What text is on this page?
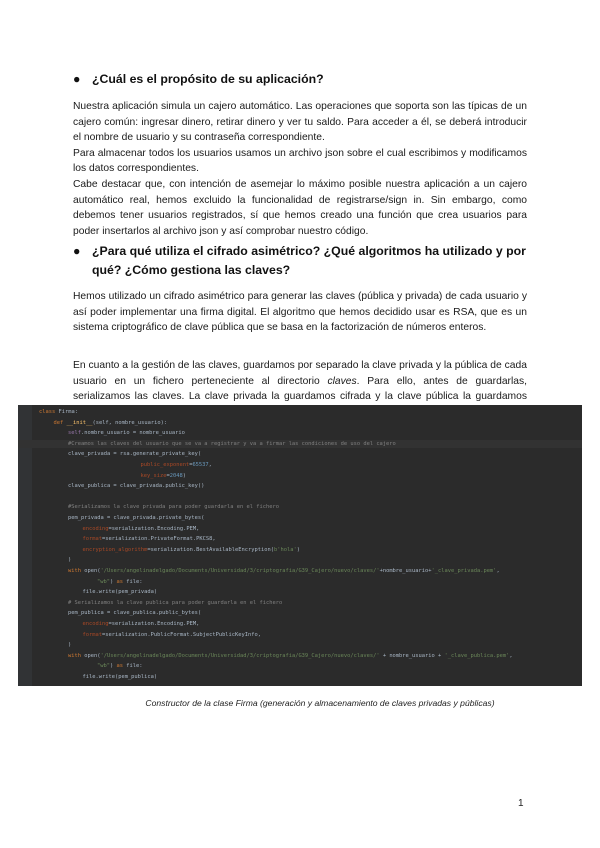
● ¿Cuál es el propósito de su aplicación?

Nuestra aplicación simula un cajero automático. Las operaciones que soporta son las típicas de un cajero común: ingresar dinero, retirar dinero y ver tu saldo. Para acceder a él, se deberá introducir el nombre de usuario y su contraseña correspondiente.

Para almacenar todos los usuarios usamos un archivo json sobre el cual escribimos y modificamos los datos correspondientes.

Cabe destacar que, con intención de asemejar lo máximo posible nuestra aplicación a un cajero automático real, hemos excluido la funcionalidad de registrarse/sign in. Sin embargo, como debemos tener usuarios registrados, sí que hemos creado una función que crea usuarios para poder insertarlos al archivo json y así comprobar nuestro código.

● ¿Para qué utiliza el cifrado asimétrico? ¿Qué algoritmos ha utilizado y por qué? ¿Cómo gestiona las claves?

Hemos utilizado un cifrado asimétrico para generar las claves (pública y privada) de cada usuario y así poder implementar una firma digital. El algoritmo que hemos decidido usar es RSA, que es un sistema criptográfico de clave pública que se basa en la factorización de números enteros.

En cuanto a la gestión de las claves, guardamos por separado la clave privada y la pública de cada usuario en un fichero perteneciente al directorio claves. Para ello, antes de guardarlas, serializamos las claves. La clave privada la guardamos cifrada y la clave pública la guardamos

class Firma:
def __init__(self, nombre_usuario):
self.nombre_usuario = nombre_usuario
#Creamos las claves del usuario que se va a registrar y va a firmar las condiciones de uso del cajero
clave_privada = rsa.generate_private_key(
public_exponent=65537,
key_size=2048)
clave_publica = clave_privada.public_key()
#Serializamos la clave privada para poder guardarla en el fichero
pem_privada = clave_privada.private_bytes(
encoding=serialization.Encoding.PEM,
format=serialization.PrivateFormat.PKCS8,
encryption_algorithm=serialization.BestAvailableEncryption(b'hola')
)
with open('/Users/angelinadelgado/Documents/Universidad/3/criptografia/G39_Cajero/nuevo/claves/'+nombre_usuario+'_clave_privada.pem',
"wb") as file:
file.write(pem_privada)
# Serializamos la clave publica para poder guardarla en el fichero
pem_publica = clave_publica.public_bytes(
encoding=serialization.Encoding.PEM,
format=serialization.PublicFormat.SubjectPublicKeyInfo,
)
with open('/Users/angelinadelgado/Documents/Universidad/3/criptografia/G39_Cajero/nuevo/claves/' + nombre_usuario + '_clave_publica.pem',
"wb") as file:
file.write(pem_publica)
Constructor de la clase Firma (generación y almacenamiento de claves privadas y públicas)
1
